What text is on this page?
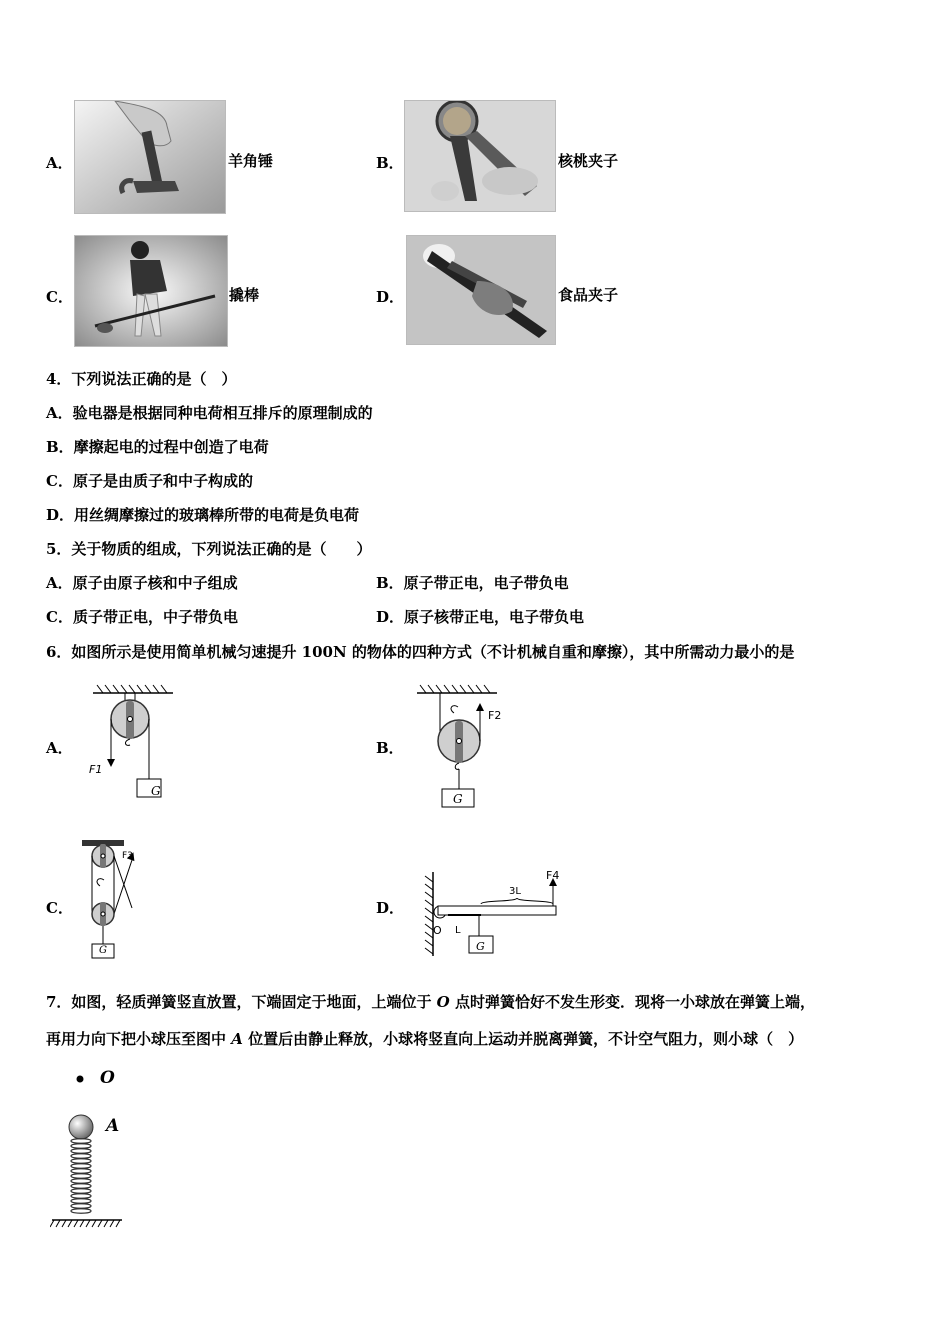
A．	羊角锤	B．	核桃夹子
C．	撬棒	D．	食品夹子
4．下列说法正确的是（　）
A．验电器是根据同种电荷相互排斥的原理制成的
B．摩擦起电的过程中创造了电荷
C．原子是由质子和中子构成的
D．用丝绸摩擦过的玻璃棒所带的电荷是负电荷
5．关于物质的组成，下列说法正确的是（　　）
A．原子由原子核和中子组成	B．原子带正电，电子带负电
C．质子带正电，中子带负电	D．原子核带正电，电子带负电
6．如图所示是使用简单机械匀速提升 100N 的物体的四种方式（不计机械自重和摩擦），其中所需动力最小的是
A．
F1
G
B．
F2
G
C．
F3
G
D．
F4
3L
O L
G
7．如图，轻质弹簧竖直放置，下端固定于地面，上端位于 O 点时弹簧恰好不发生形变．现将一小球放在弹簧上端，
再用力向下把小球压至图中 A 位置后由静止释放，小球将竖直向上运动并脱离弹簧，不计空气阻力，则小球（　）
O
A
